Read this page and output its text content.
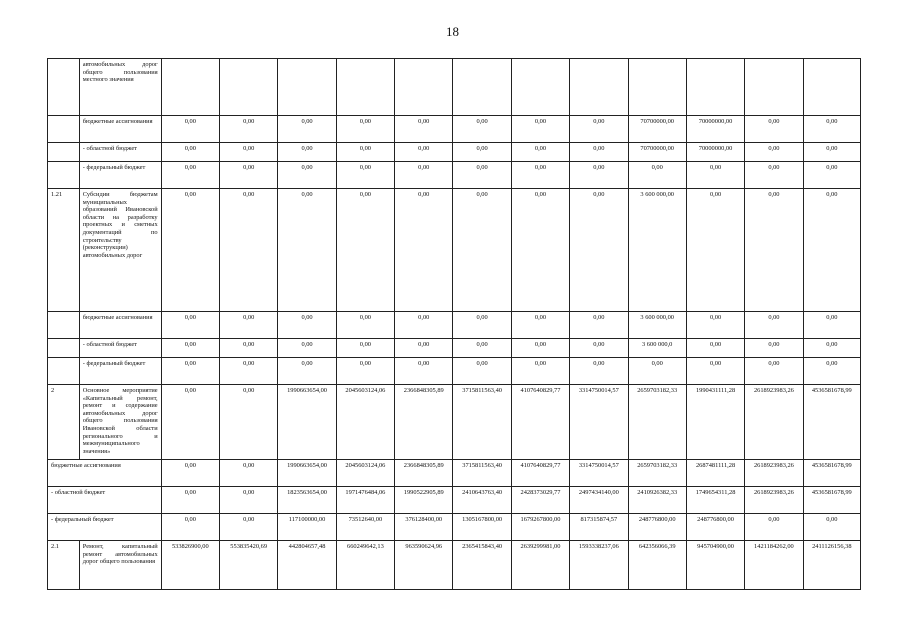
18
	автомобильных дорог общего пользования местного значения												
	бюджетные ассигнования	0,00	0,00	0,00	0,00	0,00	0,00	0,00	0,00	70700000,00	70000000,00	0,00	0,00
	- областной бюджет	0,00	0,00	0,00	0,00	0,00	0,00	0,00	0,00	70700000,00	70000000,00	0,00	0,00
	- федеральный бюджет	0,00	0,00	0,00	0,00	0,00	0,00	0,00	0,00	0,00	0,00	0,00	0,00
1.21	Субсидии бюджетам муниципальных образований Ивановской области на разработку проектных и сметных документаций по строительству (реконструкции) автомобильных дорог	0,00	0,00	0,00	0,00	0,00	0,00	0,00	0,00	3 600 000,00	0,00	0,00	0,00
	бюджетные ассигнования	0,00	0,00	0,00	0,00	0,00	0,00	0,00	0,00	3 600 000,00	0,00	0,00	0,00
	- областной бюджет	0,00	0,00	0,00	0,00	0,00	0,00	0,00	0,00	3 600 000,0	0,00	0,00	0,00
	- федеральный бюджет	0,00	0,00	0,00	0,00	0,00	0,00	0,00	0,00	0,00	0,00	0,00	0,00
2	Основное мероприятие «Капитальный ремонт, ремонт и содержание автомобильных дорог общего пользования Ивановской области регионального и межмуниципального значения»	0,00	0,00	1990663654,00	2045603124,06	2366848305,89	3715811563,40	4107640829,77	3314750014,57	2659703182,33	1990431111,28	2618923983,26	4536581678,99
бюджетные ассигнования		0,00	0,00	1990663654,00	2045603124,06	2366848305,89	3715811563,40	4107640829,77	3314750014,57	2659703182,33	2687481111,28	2618923983,26	4536581678,99
- областной бюджет		0,00	0,00	1823563654,00	1971476484,06	1990522905,89	2410643763,40	2428373029,77	2497434140,00	2410926382,33	1749654311,28	2618923983,26	4536581678,99
- федеральный бюджет		0,00	0,00	117100000,00	73512640,00	376128400,00	1305167800,00	1679267800,00	817315874,57	248776800,00	248776800,00	0,00	0,00
2.1	Ремонт, капитальный ремонт автомобильных дорог общего пользования	533826900,00	553835420,69	442804657,48	660249642,13	963590624,96	2365415843,40	2639299981,00	1593338237,06	642356066,39	945704900,00	1421184262,00	2411126156,38
